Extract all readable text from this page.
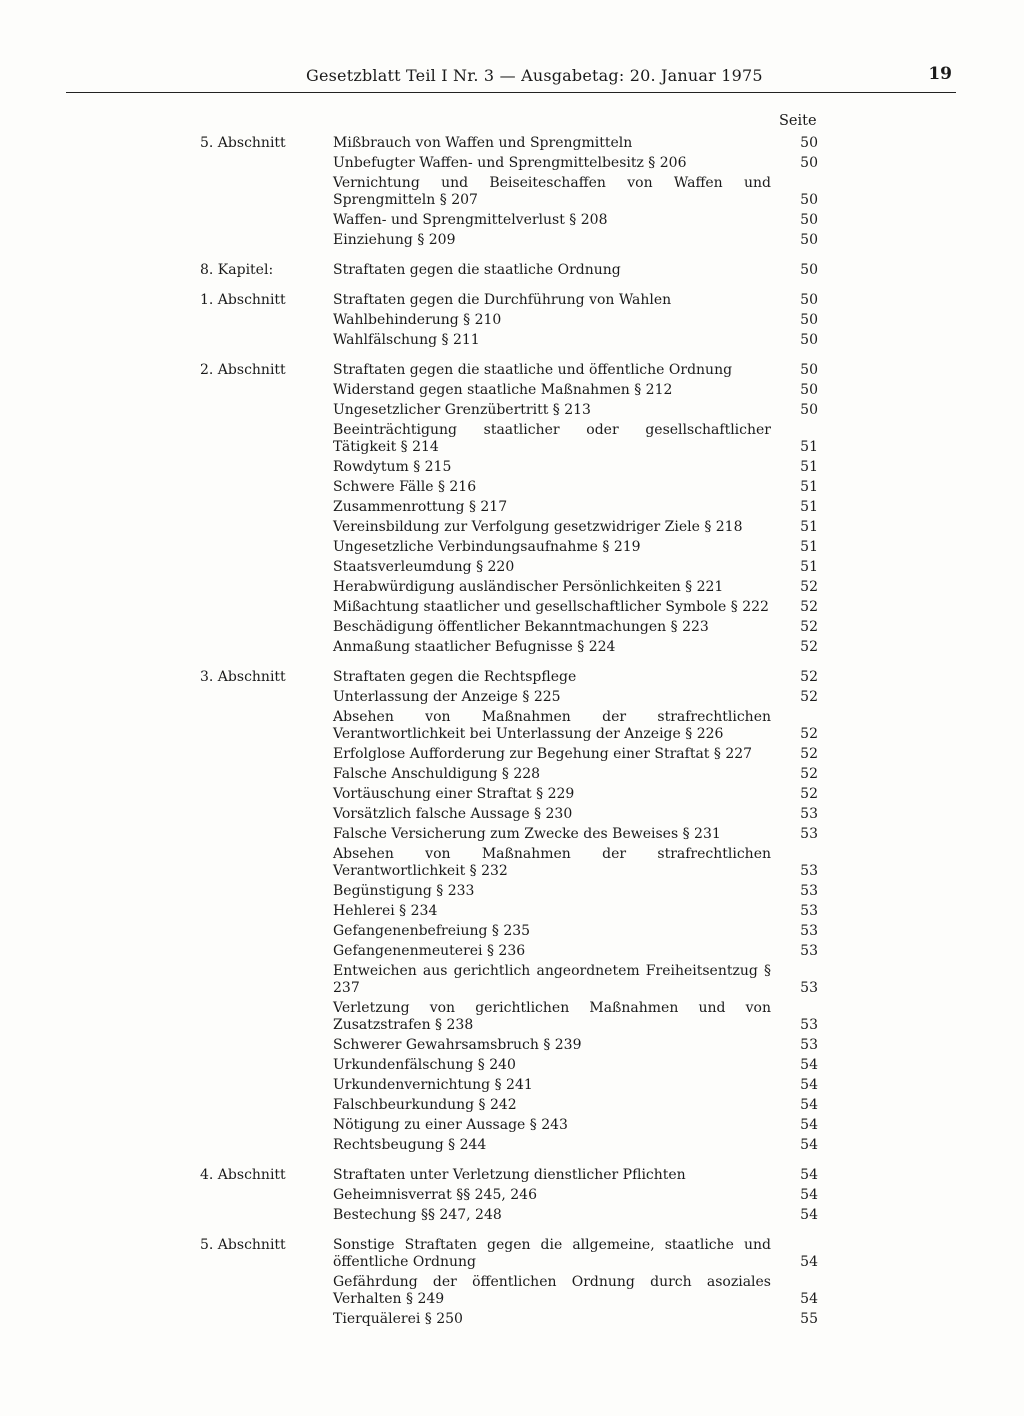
Gesetzblatt Teil I Nr. 3 — Ausgabetag: 20. Januar 1975	19
Seite
5. Abschnitt	Mißbrauch von Waffen und Sprengmitteln	50
Unbefugter Waffen- und Sprengmittelbesitz § 206	50
Vernichtung und Beiseiteschaffen von Waffen und Sprengmitteln § 207	50
Waffen- und Sprengmittelverlust § 208	50
Einziehung § 209	50
8. Kapitel:	Straftaten gegen die staatliche Ordnung	50
1. Abschnitt	Straftaten gegen die Durchführung von Wahlen	50
Wahlbehinderung § 210	50
Wahlfälschung § 211	50
2. Abschnitt	Straftaten gegen die staatliche und öffentliche Ordnung	50
Widerstand gegen staatliche Maßnahmen § 212	50
Ungesetzlicher Grenzübertritt § 213	50
Beeinträchtigung staatlicher oder gesellschaftlicher Tätigkeit § 214	51
Rowdytum § 215	51
Schwere Fälle § 216	51
Zusammenrottung § 217	51
Vereinsbildung zur Verfolgung gesetzwidriger Ziele § 218	51
Ungesetzliche Verbindungsaufnahme § 219	51
Staatsverleumdung § 220	51
Herabwürdigung ausländischer Persönlichkeiten § 221	52
Mißachtung staatlicher und gesellschaftlicher Symbole § 222	52
Beschädigung öffentlicher Bekanntmachungen § 223	52
Anmaßung staatlicher Befugnisse § 224	52
3. Abschnitt	Straftaten gegen die Rechtspflege	52
Unterlassung der Anzeige § 225	52
Absehen von Maßnahmen der strafrechtlichen Verantwortlichkeit bei Unterlassung der Anzeige § 226	52
Erfolglose Aufforderung zur Begehung einer Straftat § 227	52
Falsche Anschuldigung § 228	52
Vortäuschung einer Straftat § 229	52
Vorsätzlich falsche Aussage § 230	53
Falsche Versicherung zum Zwecke des Beweises § 231	53
Absehen von Maßnahmen der strafrechtlichen Verantwortlichkeit § 232	53
Begünstigung § 233	53
Hehlerei § 234	53
Gefangenenbefreiung § 235	53
Gefangenenmeuterei § 236	53
Entweichen aus gerichtlich angeordnetem Freiheitsentzug § 237	53
Verletzung von gerichtlichen Maßnahmen und von Zusatzstrafen § 238	53
Schwerer Gewahrsamsbruch § 239	53
Urkundenfälschung § 240	54
Urkundenvernichtung § 241	54
Falschbeurkundung § 242	54
Nötigung zu einer Aussage § 243	54
Rechtsbeugung § 244	54
4. Abschnitt	Straftaten unter Verletzung dienstlicher Pflichten	54
Geheimnisverrat §§ 245, 246	54
Bestechung §§ 247, 248	54
5. Abschnitt	Sonstige Straftaten gegen die allgemeine, staatliche und öffentliche Ordnung	54
Gefährdung der öffentlichen Ordnung durch asoziales Verhalten § 249	54
Tierquälerei § 250	55
